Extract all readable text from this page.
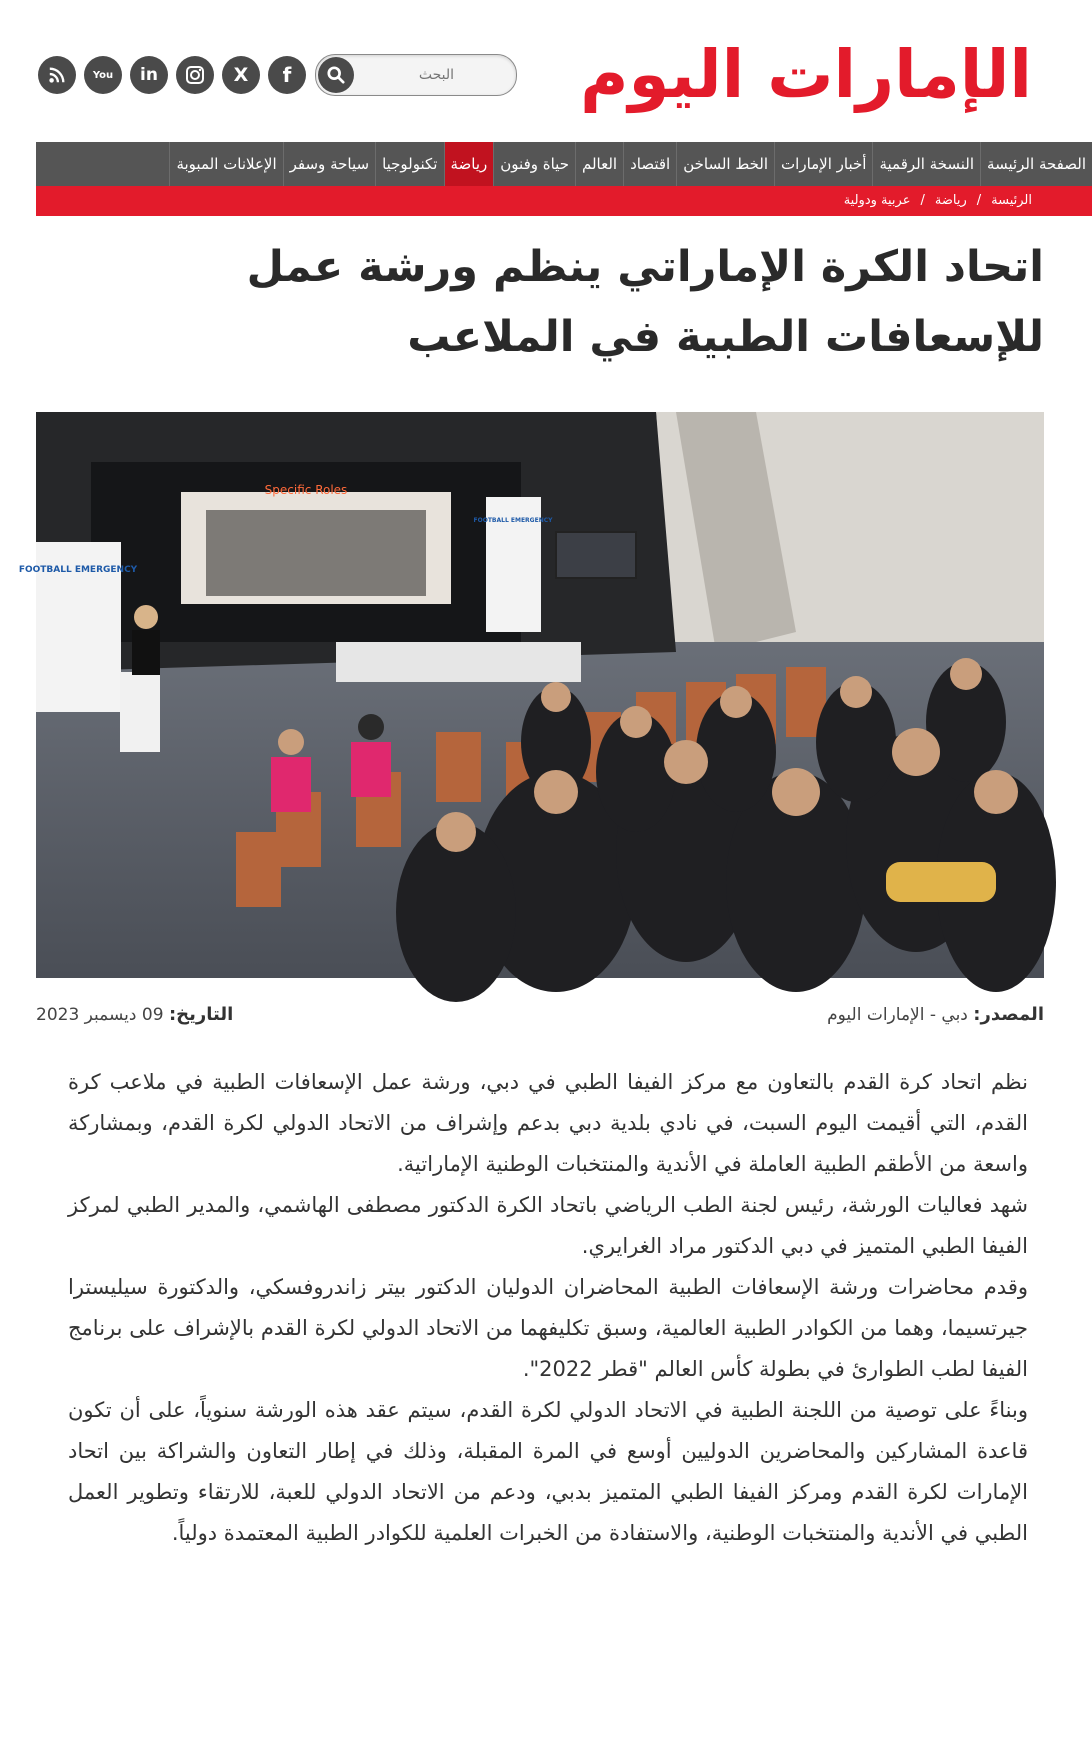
الإمارات اليوم
البحث
f
X
in
You
الصفحة الرئيسة
النسخة الرقمية
أخبار الإمارات
الخط الساخن
اقتصاد
العالم
حياة وفنون
رياضة
تكنولوجيا
سياحة وسفر
الإعلانات المبوبة
الرئيسة
/
رياضة
/
عربية ودولية
اتحاد الكرة الإماراتي ينظم ورشة عمل للإسعافات الطبية في الملاعب
Specific Roles
FOOTBALL EMERGENCY
FOOTBALL EMERGENCY
المصدر: دبي - الإمارات اليوم
التاريخ: 09 ديسمبر 2023

نظم اتحاد كرة القدم بالتعاون مع مركز الفيفا الطبي في دبي، ورشة عمل الإسعافات الطبية في ملاعب كرة القدم، التي أقيمت اليوم السبت، في نادي بلدية دبي بدعم وإشراف من الاتحاد الدولي لكرة القدم، وبمشاركة واسعة من الأطقم الطبية العاملة في الأندية والمنتخبات الوطنية الإماراتية.

شهد فعاليات الورشة، رئيس لجنة الطب الرياضي باتحاد الكرة الدكتور مصطفى الهاشمي، والمدير الطبي لمركز الفيفا الطبي المتميز في دبي الدكتور مراد الغرايري.

وقدم محاضرات ورشة الإسعافات الطبية المحاضران الدوليان الدكتور بيتر زاندروفسكي، والدكتورة سيليسترا جيرتسيما، وهما من الكوادر الطبية العالمية، وسبق تكليفهما من الاتحاد الدولي لكرة القدم بالإشراف على برنامج الفيفا لطب الطوارئ في بطولة كأس العالم "قطر 2022".

وبناءً على توصية من اللجنة الطبية في الاتحاد الدولي لكرة القدم، سيتم عقد هذه الورشة سنوياً، على أن تكون قاعدة المشاركين والمحاضرين الدوليين أوسع في المرة المقبلة، وذلك في إطار التعاون والشراكة بين اتحاد الإمارات لكرة القدم ومركز الفيفا الطبي المتميز بدبي، ودعم من الاتحاد الدولي للعبة، للارتقاء وتطوير العمل الطبي في الأندية والمنتخبات الوطنية، والاستفادة من الخبرات العلمية للكوادر الطبية المعتمدة دولياً.
